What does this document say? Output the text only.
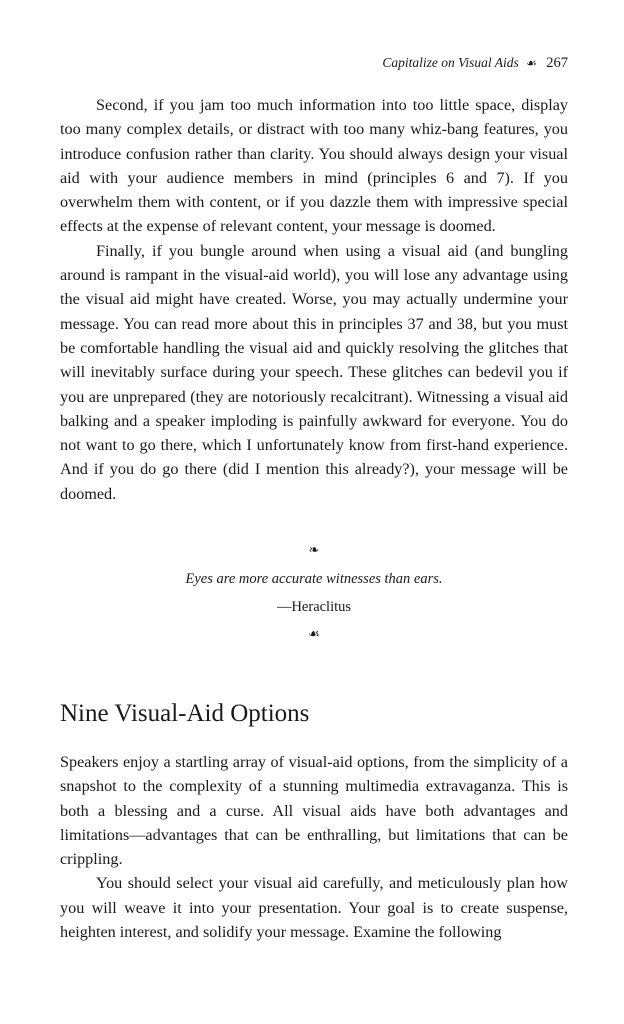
Capitalize on Visual Aids ☙ 267

Second, if you jam too much information into too little space, display too many complex details, or distract with too many whiz-bang features, you introduce confusion rather than clarity. You should always design your visual aid with your audience members in mind (principles 6 and 7). If you overwhelm them with content, or if you dazzle them with impressive special effects at the expense of relevant content, your message is doomed.

Finally, if you bungle around when using a visual aid (and bungling around is rampant in the visual-aid world), you will lose any advantage using the visual aid might have created. Worse, you may actually undermine your message. You can read more about this in principles 37 and 38, but you must be comfortable handling the visual aid and quickly resolving the glitches that will inevitably surface during your speech. These glitches can bedevil you if you are unprepared (they are notoriously recalcitrant). Witnessing a visual aid balking and a speaker imploding is painfully awkward for everyone. You do not want to go there, which I unfortunately know from first-hand experience. And if you do go there (did I mention this already?), your message will be doomed.

❧
Eyes are more accurate witnesses than ears.
—Heraclitus
☙
Nine Visual-Aid Options

Speakers enjoy a startling array of visual-aid options, from the simplicity of a snapshot to the complexity of a stunning multimedia extravaganza. This is both a blessing and a curse. All visual aids have both advantages and limitations—advantages that can be enthralling, but limitations that can be crippling.

You should select your visual aid carefully, and meticulously plan how you will weave it into your presentation. Your goal is to create suspense, heighten interest, and solidify your message. Examine the following
